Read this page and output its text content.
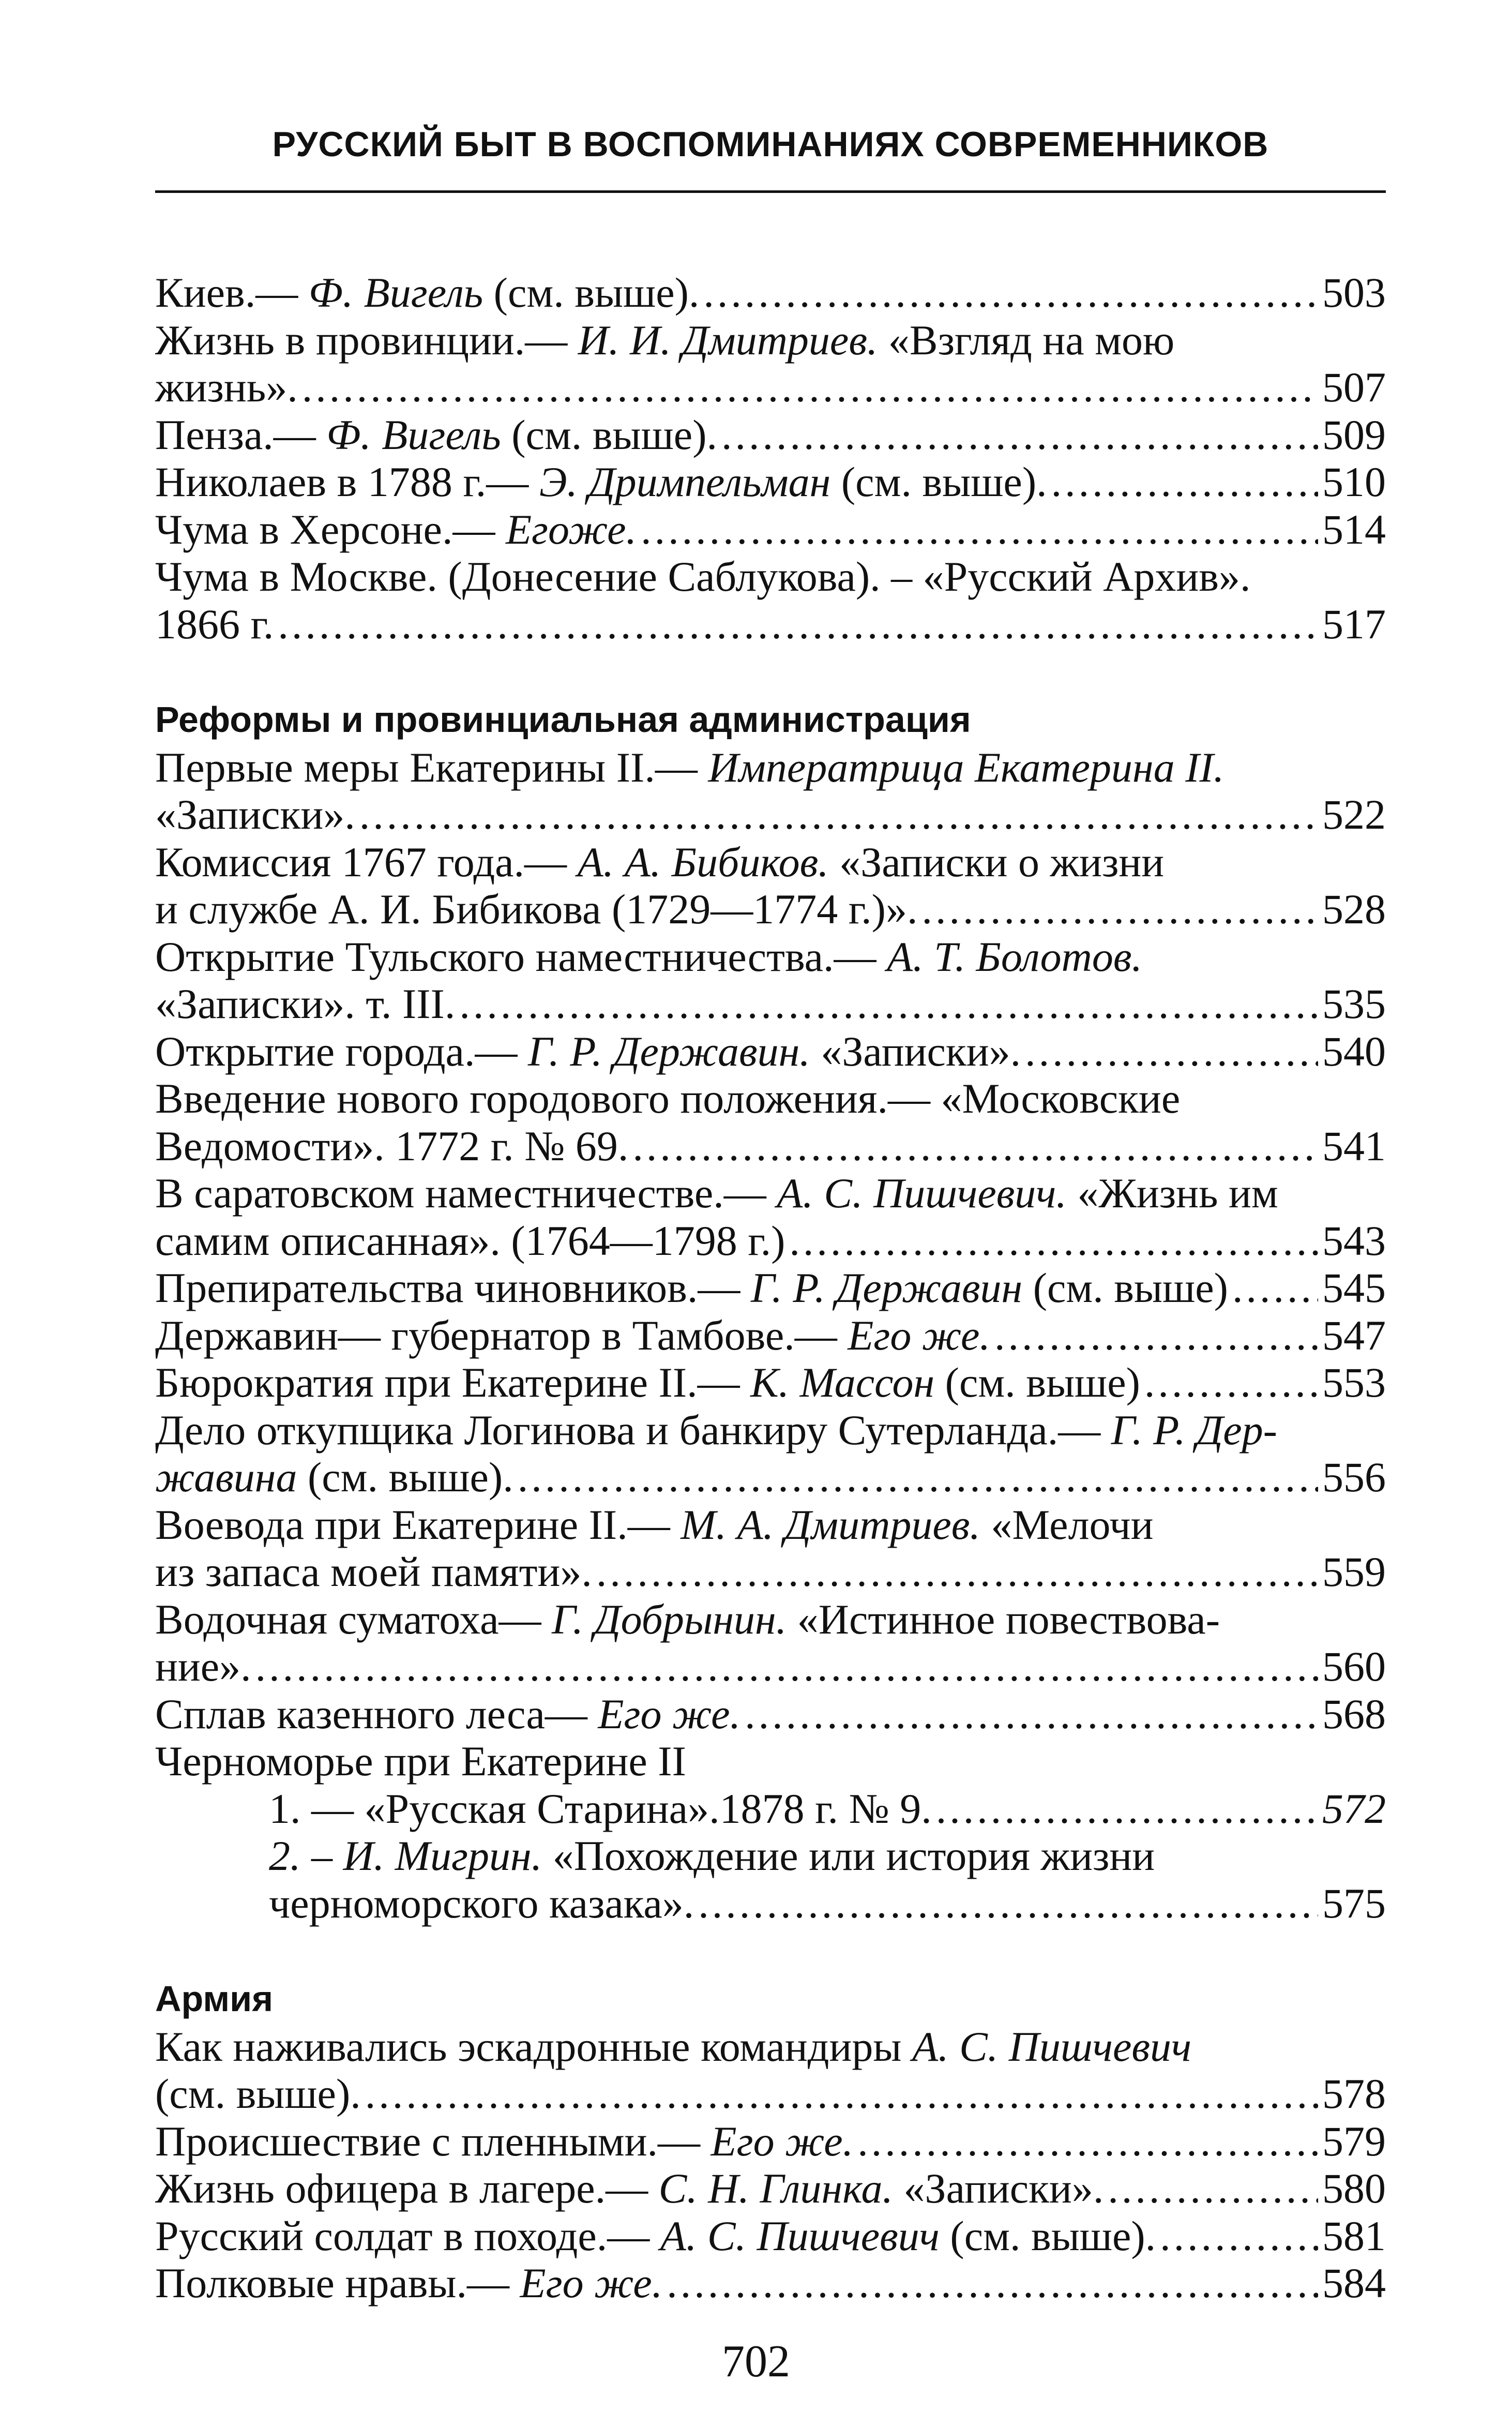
РУССКИЙ БЫТ В ВОСПОМИНАНИЯХ СОВРЕМЕННИКОВ
Киев.— Ф. Вигель (см. выше). .....	503
Жизнь в провинции.— И. И. Дмитриев. «Взгляд на мою
жизнь». .....	507
Пенза.— Ф. Вигель (см. выше). .....	509
Николаев в 1788 г.— Э. Дримпельман (см. выше). .....	510
Чума в Херсоне.— Егоже. .....	514
Чума в Москве. (Донесение Саблукова). – «Русский Архив».
1866 г. .....	517
Реформы и провинциальная администрация
Первые меры Екатерины II.— Императрица Екатерина II.
«Записки». .....	522
Комиссия 1767 года.— А. А. Бибиков. «Записки о жизни
и службе А. И. Бибикова (1729—1774 г.)». .....	528
Открытие Тульского наместничества.— А. Т. Болотов.
«Записки». т. III. .....	535
Открытие города.— Г. Р. Державин. «Записки». .....	540
Введение нового городового положения.— «Московские
Ведомости». 1772 г. № 69. .....	541
В саратовском наместничестве.— А. С. Пишчевич. «Жизнь им
самим описанная». (1764—1798 г.) .....	543
Препирательства чиновников.— Г. Р. Державин (см. выше) ..... 545
Державин— губернатор в Тамбове.— Его же. .....	547
Бюрократия при Екатерине II.— К. Массон (см. выше) .....	553
Дело откупщика Логинова и банкиру Сутерланда.— Г. Р. Дер-
жавина (см. выше). .....	556
Воевода при Екатерине II.— М. А. Дмитриев. «Мелочи
из запаса моей памяти». .....	559
Водочная суматоха— Г. Добрынин. «Истинное повествова-
ние». .....	560
Сплав казенного леса— Его же. .....	568
Черноморье при Екатерине II
1. — «Русская Старина».1878 г. № 9. .....	572
2. – И. Мигрин. «Похождение или история жизни
черноморского казака». .....	575
Армия
Как наживались эскадронные командиры А. С. Пишчевич
(см. выше). .....	578
Происшествие с пленными.— Его же. .....	579
Жизнь офицера в лагере.— С. Н. Глинка. «Записки». .....	580
Русский солдат в походе.— А. С. Пишчевич (см. выше). .....	581
Полковые нравы.— Его же. .....	584
702
